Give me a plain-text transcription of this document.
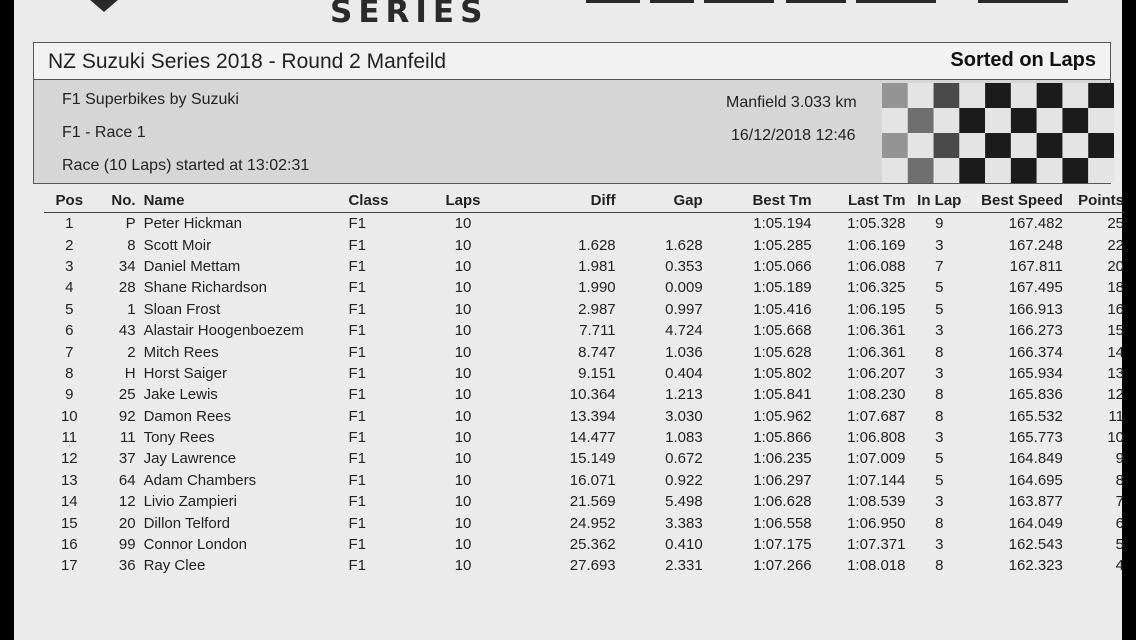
SERIES
NZ Suzuki Series 2018 - Round 2 Manfeild	Sorted on Laps
F1 Superbikes by Suzuki
F1 - Race 1
Race (10 Laps) started at 13:02:31
Manfield 3.033 km
16/12/2018 12:46
Pos	No.	Name	Class	Laps	Diff	Gap	Best Tm	Last Tm	In Lap	Best Speed	Points
1	P	Peter Hickman	F1	10			1:05.194	1:05.328	9	167.482	25
2	8	Scott Moir	F1	10	1.628	1.628	1:05.285	1:06.169	3	167.248	22
3	34	Daniel Mettam	F1	10	1.981	0.353	1:05.066	1:06.088	7	167.811	20
4	28	Shane Richardson	F1	10	1.990	0.009	1:05.189	1:06.325	5	167.495	18
5	1	Sloan Frost	F1	10	2.987	0.997	1:05.416	1:06.195	5	166.913	16
6	43	Alastair Hoogenboezem	F1	10	7.711	4.724	1:05.668	1:06.361	3	166.273	15
7	2	Mitch Rees	F1	10	8.747	1.036	1:05.628	1:06.361	8	166.374	14
8	H	Horst Saiger	F1	10	9.151	0.404	1:05.802	1:06.207	3	165.934	13
9	25	Jake Lewis	F1	10	10.364	1.213	1:05.841	1:08.230	8	165.836	12
10	92	Damon Rees	F1	10	13.394	3.030	1:05.962	1:07.687	8	165.532	11
11	11	Tony Rees	F1	10	14.477	1.083	1:05.866	1:06.808	3	165.773	10
12	37	Jay Lawrence	F1	10	15.149	0.672	1:06.235	1:07.009	5	164.849	9
13	64	Adam Chambers	F1	10	16.071	0.922	1:06.297	1:07.144	5	164.695	8
14	12	Livio Zampieri	F1	10	21.569	5.498	1:06.628	1:08.539	3	163.877	7
15	20	Dillon Telford	F1	10	24.952	3.383	1:06.558	1:06.950	8	164.049	6
16	99	Connor London	F1	10	25.362	0.410	1:07.175	1:07.371	3	162.543	5
17	36	Ray Clee	F1	10	27.693	2.331	1:07.266	1:08.018	8	162.323	4
